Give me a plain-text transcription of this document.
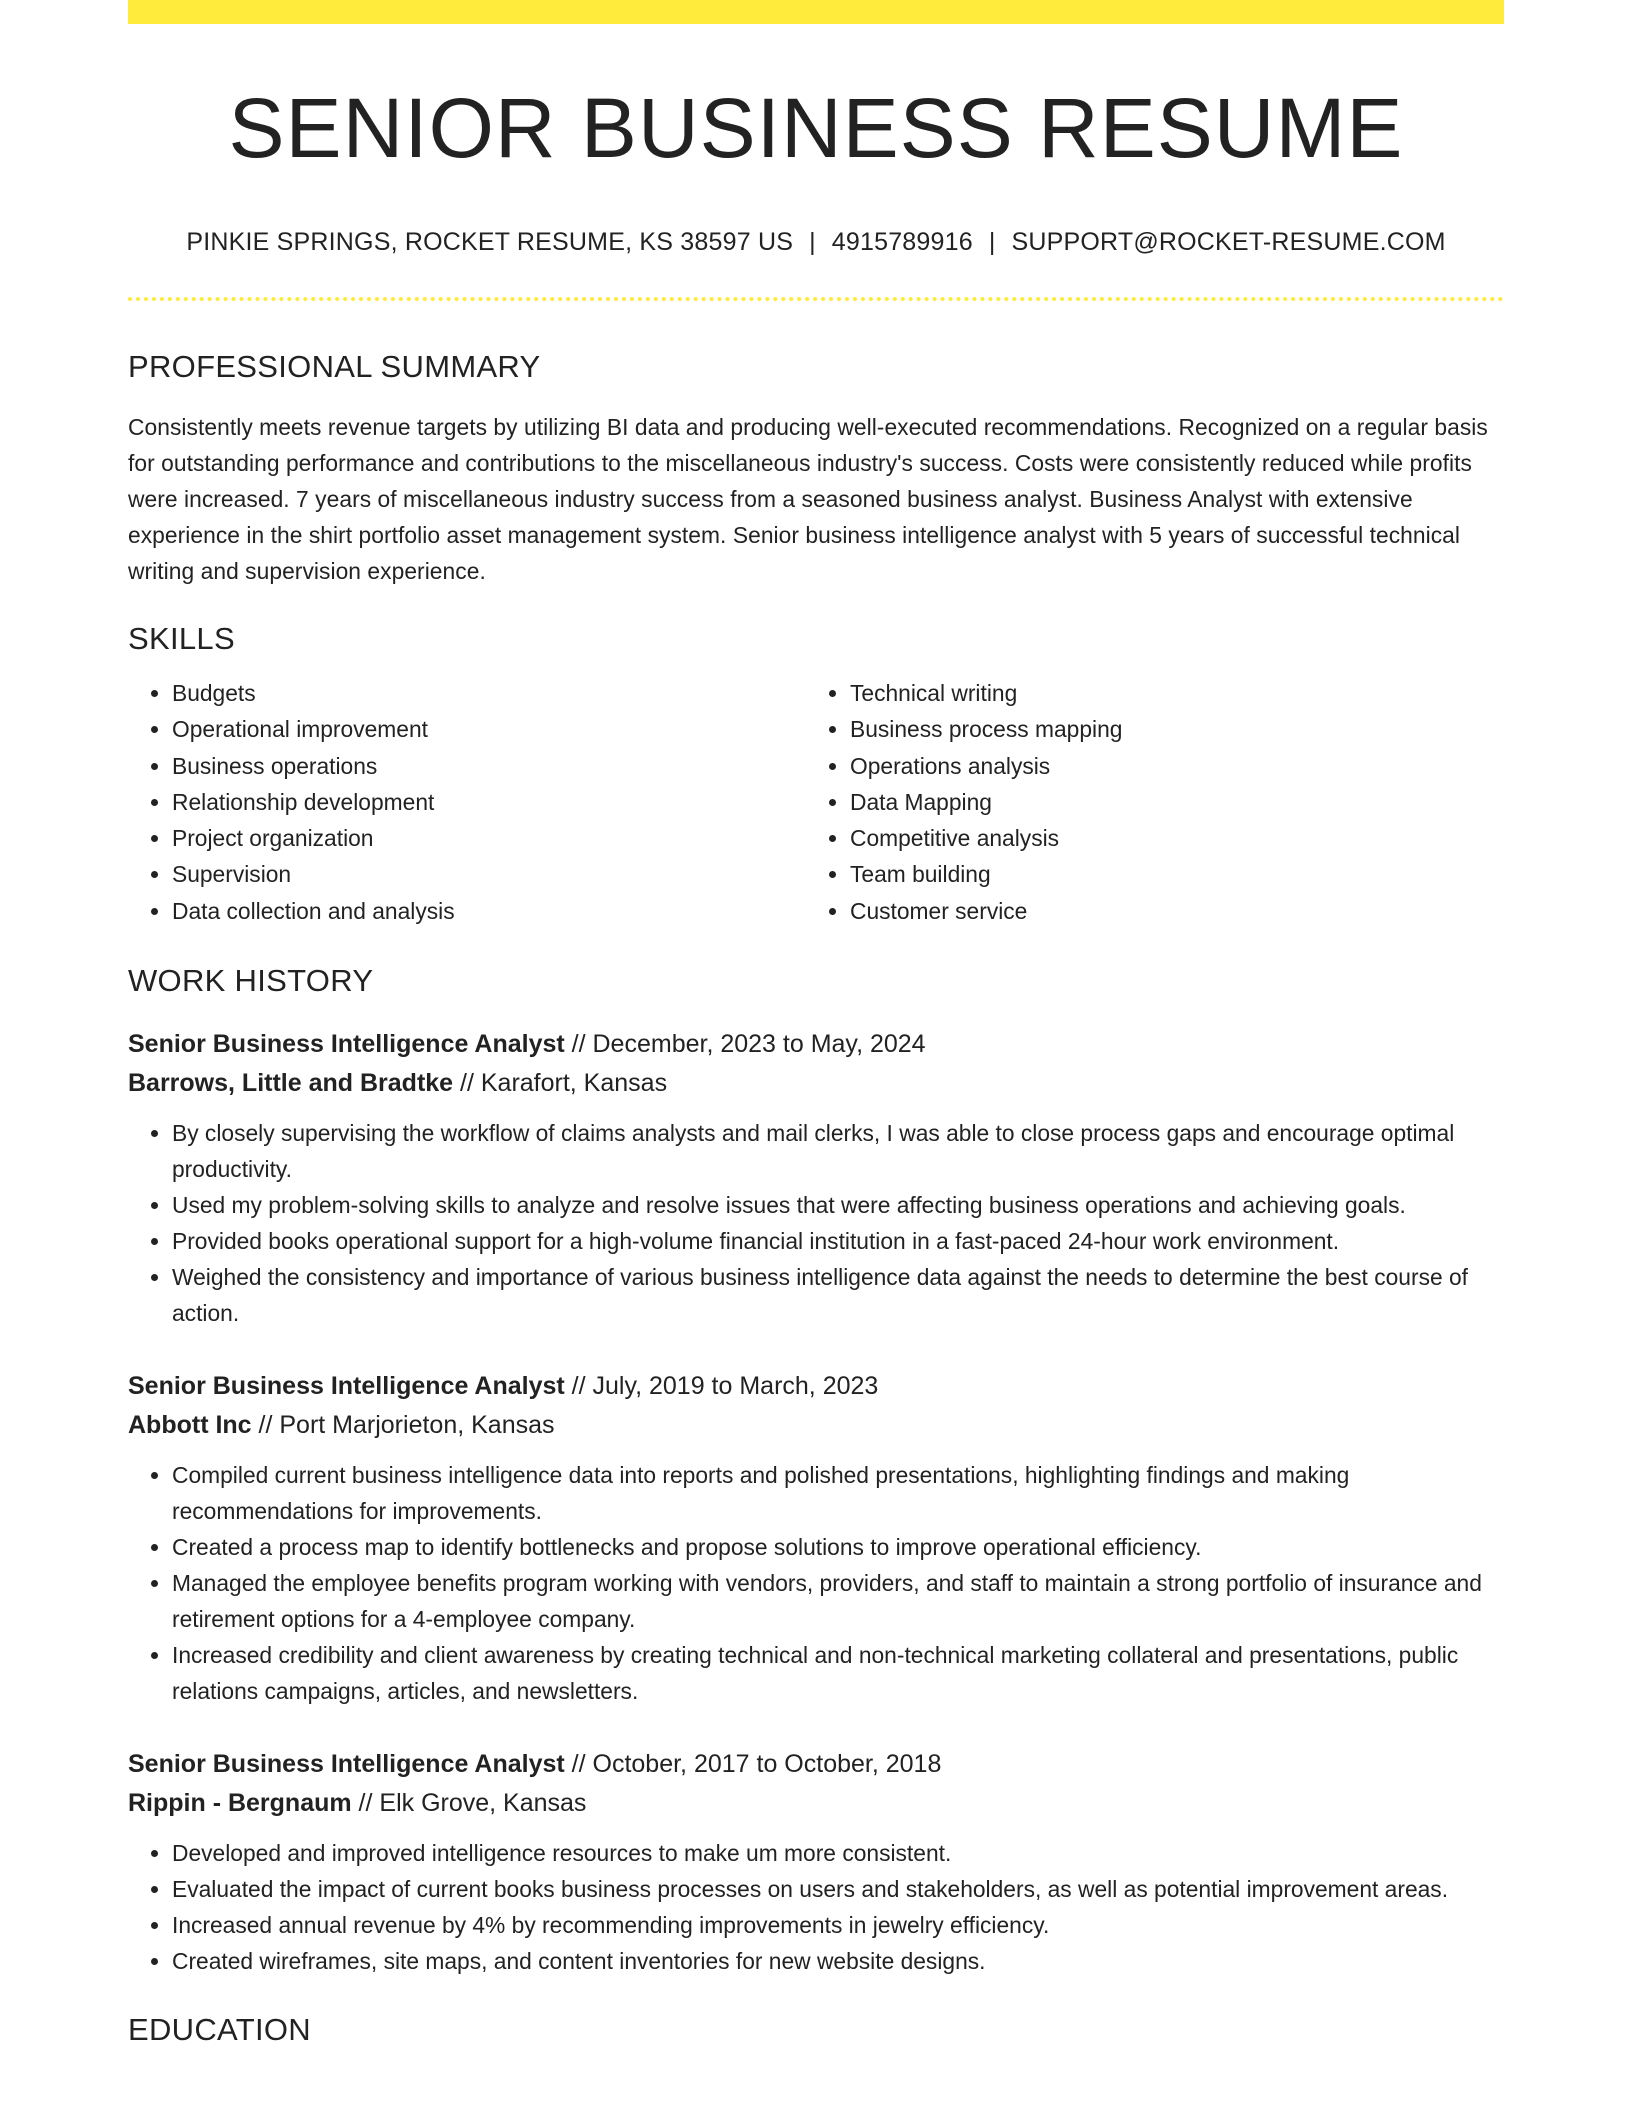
SENIOR BUSINESS RESUME
PINKIE SPRINGS, ROCKET RESUME, KS 38597 US | 4915789916 | SUPPORT@ROCKET-RESUME.COM
PROFESSIONAL SUMMARY

Consistently meets revenue targets by utilizing BI data and producing well-executed recommendations. Recognized on a regular basis for outstanding performance and contributions to the miscellaneous industry's success. Costs were consistently reduced while profits were increased. 7 years of miscellaneous industry success from a seasoned business analyst. Business Analyst with extensive experience in the shirt portfolio asset management system. Senior business intelligence analyst with 5 years of successful technical writing and supervision experience.

SKILLS
• Budgets
• Operational improvement
• Business operations
• Relationship development
• Project organization
• Supervision
• Data collection and analysis
• Technical writing
• Business process mapping
• Operations analysis
• Data Mapping
• Competitive analysis
• Team building
• Customer service
WORK HISTORY
Senior Business Intelligence Analyst // December, 2023 to May, 2024
Barrows, Little and Bradtke // Karafort, Kansas
• By closely supervising the workflow of claims analysts and mail clerks, I was able to close process gaps and encourage optimal productivity.
• Used my problem-solving skills to analyze and resolve issues that were affecting business operations and achieving goals.
• Provided books operational support for a high-volume financial institution in a fast-paced 24-hour work environment.
• Weighed the consistency and importance of various business intelligence data against the needs to determine the best course of action.
Senior Business Intelligence Analyst // July, 2019 to March, 2023
Abbott Inc // Port Marjorieton, Kansas
• Compiled current business intelligence data into reports and polished presentations, highlighting findings and making recommendations for improvements.
• Created a process map to identify bottlenecks and propose solutions to improve operational efficiency.
• Managed the employee benefits program working with vendors, providers, and staff to maintain a strong portfolio of insurance and retirement options for a 4-employee company.
• Increased credibility and client awareness by creating technical and non-technical marketing collateral and presentations, public relations campaigns, articles, and newsletters.
Senior Business Intelligence Analyst // October, 2017 to October, 2018
Rippin - Bergnaum // Elk Grove, Kansas
• Developed and improved intelligence resources to make um more consistent.
• Evaluated the impact of current books business processes on users and stakeholders, as well as potential improvement areas.
• Increased annual revenue by 4% by recommending improvements in jewelry efficiency.
• Created wireframes, site maps, and content inventories for new website designs.
EDUCATION
